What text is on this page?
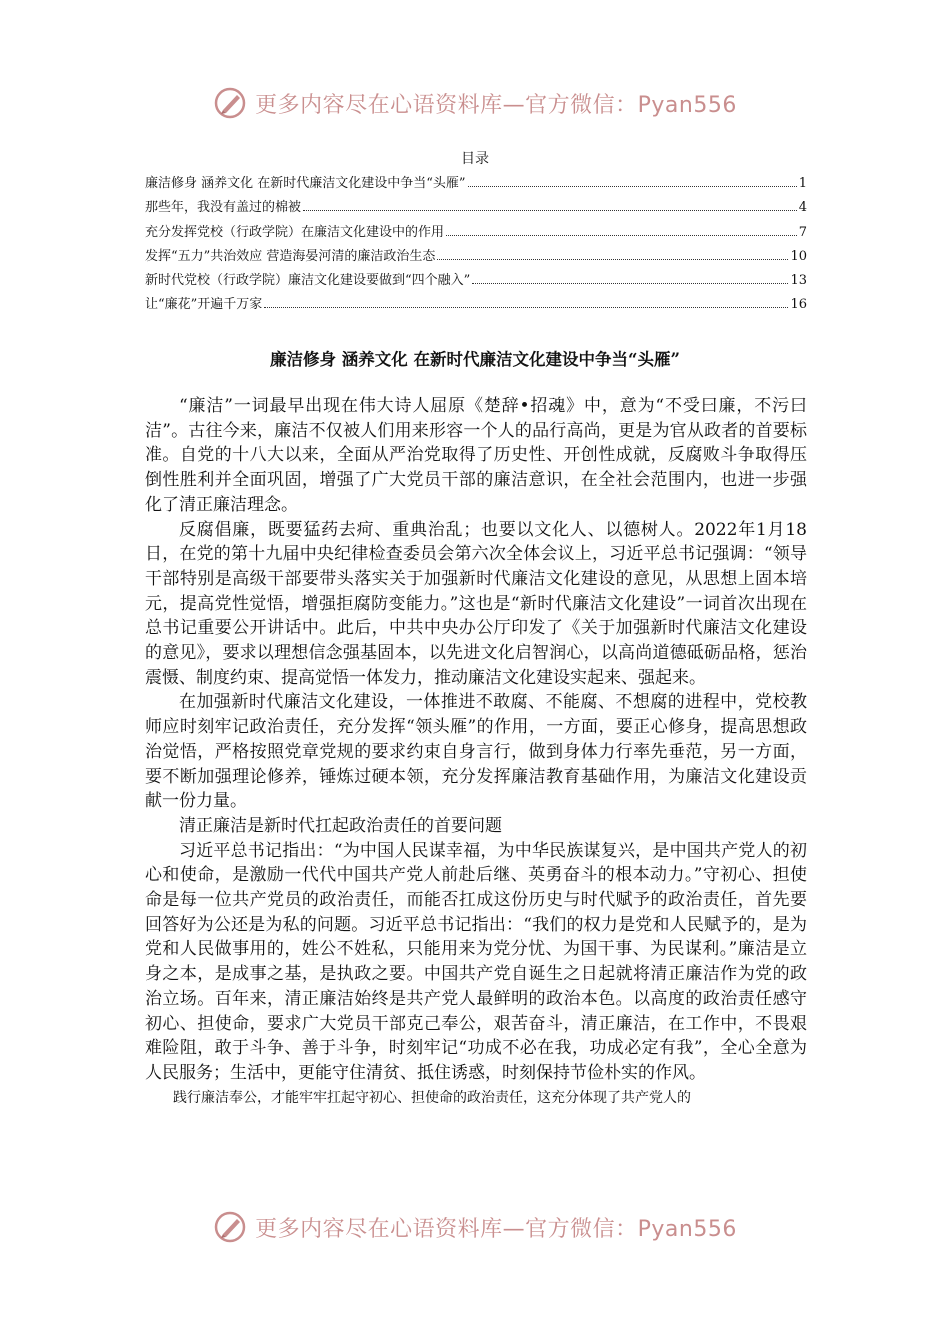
更多内容尽在心语资料库—官方微信：Pyan556
目录
廉洁修身 涵养文化 在新时代廉洁文化建设中争当“头雁”	1
那些年，我没有盖过的棉被	4
充分发挥党校（行政学院）在廉洁文化建设中的作用	7
发挥“五力”共治效应 营造海晏河清的廉洁政治生态	10
新时代党校（行政学院）廉洁文化建设要做到“四个融入”	13
让“廉花”开遍千万家	16
廉洁修身 涵养文化 在新时代廉洁文化建设中争当“头雁”

“廉洁”一词最早出现在伟大诗人屈原《楚辞•招魂》中，意为“不受曰廉，不污曰洁”。古往今来，廉洁不仅被人们用来形容一个人的品行高尚，更是为官从政者的首要标准。自党的十八大以来，全面从严治党取得了历史性、开创性成就，反腐败斗争取得压倒性胜利并全面巩固，增强了广大党员干部的廉洁意识，在全社会范围内，也进一步强化了清正廉洁理念。

反腐倡廉，既要猛药去疴、重典治乱；也要以文化人、以德树人。2022年1月18日，在党的第十九届中央纪律检查委员会第六次全体会议上，习近平总书记强调：“领导干部特别是高级干部要带头落实关于加强新时代廉洁文化建设的意见，从思想上固本培元，提高党性觉悟，增强拒腐防变能力。”这也是“新时代廉洁文化建设”一词首次出现在总书记重要公开讲话中。此后，中共中央办公厅印发了《关于加强新时代廉洁文化建设的意见》，要求以理想信念强基固本，以先进文化启智润心，以高尚道德砥砺品格，惩治震慑、制度约束、提高觉悟一体发力，推动廉洁文化建设实起来、强起来。

在加强新时代廉洁文化建设，一体推进不敢腐、不能腐、不想腐的进程中，党校教师应时刻牢记政治责任，充分发挥“领头雁”的作用，一方面，要正心修身，提高思想政治觉悟，严格按照党章党规的要求约束自身言行，做到身体力行率先垂范，另一方面，要不断加强理论修养，锤炼过硬本领，充分发挥廉洁教育基础作用，为廉洁文化建设贡献一份力量。

清正廉洁是新时代扛起政治责任的首要问题

习近平总书记指出：“为中国人民谋幸福，为中华民族谋复兴，是中国共产党人的初心和使命，是激励一代代中国共产党人前赴后继、英勇奋斗的根本动力。”守初心、担使命是每一位共产党员的政治责任，而能否扛成这份历史与时代赋予的政治责任，首先要回答好为公还是为私的问题。习近平总书记指出：“我们的权力是党和人民赋予的，是为党和人民做事用的，姓公不姓私，只能用来为党分忧、为国干事、为民谋利。”廉洁是立身之本，是成事之基，是执政之要。中国共产党自诞生之日起就将清正廉洁作为党的政治立场。百年来，清正廉洁始终是共产党人最鲜明的政治本色。以高度的政治责任感守初心、担使命，要求广大党员干部克己奉公，艰苦奋斗，清正廉洁，在工作中，不畏艰难险阻，敢于斗争、善于斗争，时刻牢记“功成不必在我，功成必定有我”，全心全意为人民服务；生活中，更能守住清贫、抵住诱惑，时刻保持节俭朴实的作风。

践行廉洁奉公，才能牢牢扛起守初心、担使命的政治责任，这充分体现了共产党人的

更多内容尽在心语资料库—官方微信：Pyan556
